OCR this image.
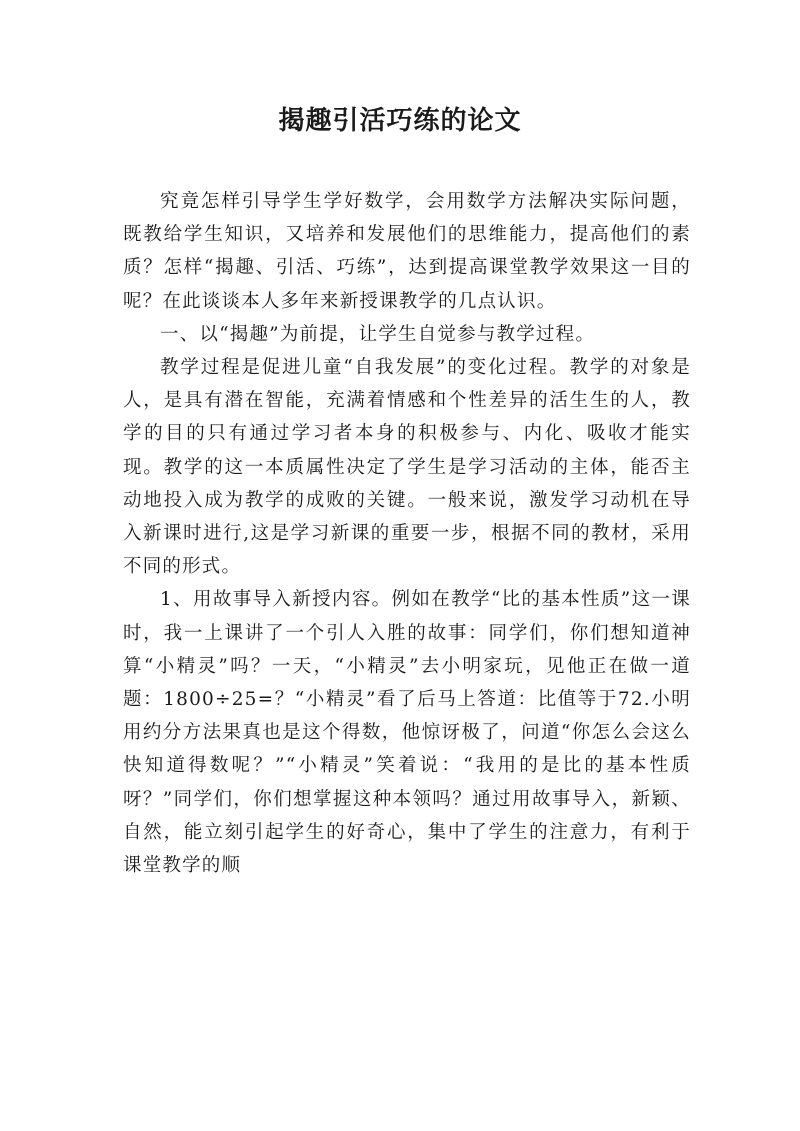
揭趣引活巧练的论文

究竟怎样引导学生学好数学，会用数学方法解决实际问题，既教给学生知识，又培养和发展他们的思维能力，提高他们的素质？怎样“揭趣、引活、巧练”，达到提高课堂教学效果这一目的呢？在此谈谈本人多年来新授课教学的几点认识。

一、以“揭趣”为前提，让学生自觉参与教学过程。

教学过程是促进儿童“自我发展”的变化过程。教学的对象是人，是具有潜在智能，充满着情感和个性差异的活生生的人，教学的目的只有通过学习者本身的积极参与、内化、吸收才能实现。教学的这一本质属性决定了学生是学习活动的主体，能否主动地投入成为教学的成败的关键。一般来说，激发学习动机在导入新课时进行,这是学习新课的重要一步，根据不同的教材，采用不同的形式。

1、用故事导入新授内容。例如在教学“比的基本性质”这一课时，我一上课讲了一个引人入胜的故事：同学们，你们想知道神算“小精灵”吗？一天，“小精灵”去小明家玩，见他正在做一道题：1800÷25=？“小精灵”看了后马上答道：比值等于72.小明用约分方法果真也是这个得数，他惊讶极了，问道“你怎么会这么快知道得数呢？”“小精灵”笑着说：“我用的是比的基本性质呀？”同学们，你们想掌握这种本领吗？通过用故事导入，新颖、自然，能立刻引起学生的好奇心，集中了学生的注意力，有利于课堂教学的顺
